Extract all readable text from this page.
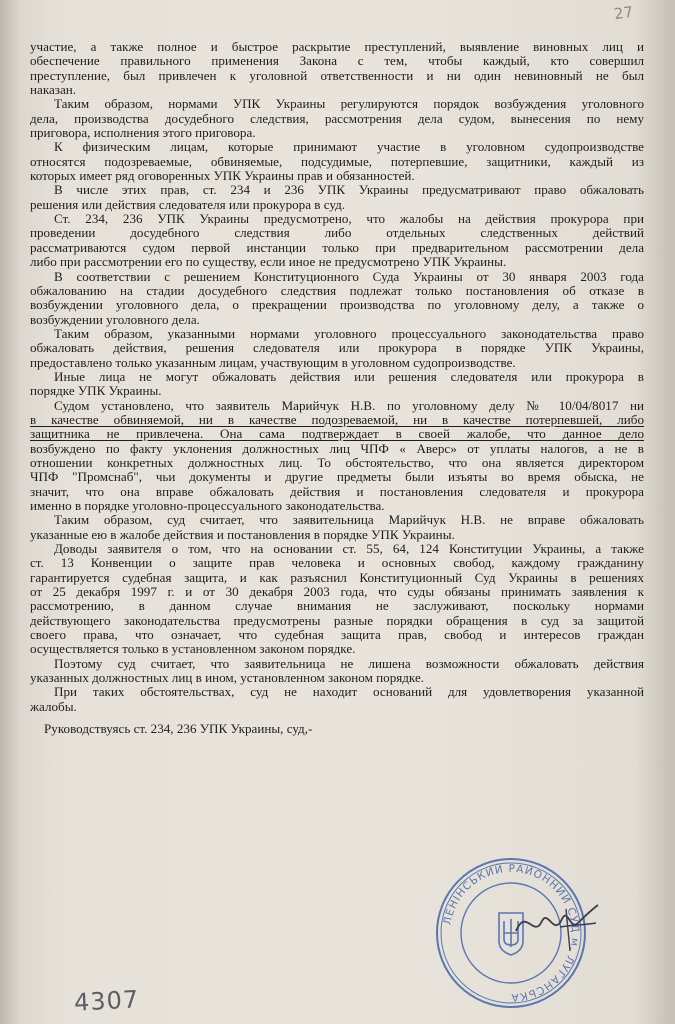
27
участие, а также полное и быстрое раскрытие преступлений, выявление виновных лиц и
обеспечение правильного применения Закона с тем, чтобы каждый, кто совершил
преступление, был привлечен к уголовной ответственности и ни один невиновный не был
наказан.
Таким образом, нормами УПК Украины регулируются порядок возбуждения уголовного
дела, производства досудебного следствия, рассмотрения дела судом, вынесения по нему
приговора, исполнения этого приговора.
К физическим лицам, которые принимают участие в уголовном судопроизводстве
относятся подозреваемые, обвиняемые, подсудимые, потерпевшие, защитники, каждый из
которых имеет ряд оговоренных УПК Украины прав и обязанностей.
В числе этих прав, ст. 234 и 236 УПК Украины предусматривают право обжаловать
решения или действия следователя или прокурора в суд.
Ст. 234, 236 УПК Украины предусмотрено, что жалобы на действия прокурора при
проведении досудебного следствия либо отдельных следственных действий
рассматриваются судом первой инстанции только при предварительном рассмотрении дела
либо при рассмотрении его по существу, если иное не предусмотрено УПК Украины.
В соответствии с решением Конституционного Суда Украины от 30 января 2003 года
обжалованию на стадии досудебного следствия подлежат только постановления об отказе в
возбуждении уголовного дела, о прекращении производства по уголовному делу, а также о
возбуждении уголовного дела.
Таким образом, указанными нормами уголовного процессуального законодательства право
обжаловать действия, решения следователя или прокурора в порядке УПК Украины,
предоставлено только указанным лицам, участвующим в уголовном судопроизводстве.
Иные лица не могут обжаловать действия или решения следователя или прокурора в
порядке УПК Украины.
Судом установлено, что заявитель Марийчук Н.В. по уголовному делу № 10/04/8017 ни
в качестве обвиняемой, ни в качестве подозреваемой, ни в качестве потерпевшей, либо
защитника не привлечена. Она сама подтверждает в своей жалобе, что данное дело
возбуждено по факту уклонения должностных лиц ЧПФ « Аверс» от уплаты налогов, а не в
отношении конкретных должностных лиц. То обстоятельство, что она является директором
ЧПФ "Промснаб", чьи документы и другие предметы были изъяты во время обыска, не
значит, что она вправе обжаловать действия и постановления следователя и прокурора
именно в порядке уголовно-процессуального законодательства.
Таким образом, суд считает, что заявительница Марийчук Н.В. не вправе обжаловать
указанные ею в жалобе действия и постановления в порядке УПК Украины.
Доводы заявителя о том, что на основании ст. 55, 64, 124 Конституции Украины, а также
ст. 13 Конвенции о защите прав человека и основных свобод, каждому гражданину
гарантируется судебная защита, и как разъяснил Конституционный Суд Украины в решениях
от 25 декабря 1997 г. и от 30 декабря 2003 года, что суды обязаны принимать заявления к
рассмотрению, в данном случае внимания не заслуживают, поскольку нормами
действующего законодательства предусмотрены разные порядки обращения в суд за защитой
своего права, что означает, что судебная защита прав, свобод и интересов граждан
осуществляется только в установленном законом порядке.
Поэтому суд считает, что заявительница не лишена возможности обжаловать действия
указанных должностных лиц в ином, установленном законом порядке.
При таких обстоятельствах, суд не находит оснований для удовлетворения указанной
жалобы.
Руководствуясь ст. 234, 236 УПК Украины, суд,-
ЛЕНІНСЬКИЙ РАЙОННИЙ СУД м. ЛУГАНСЬКА
4307
